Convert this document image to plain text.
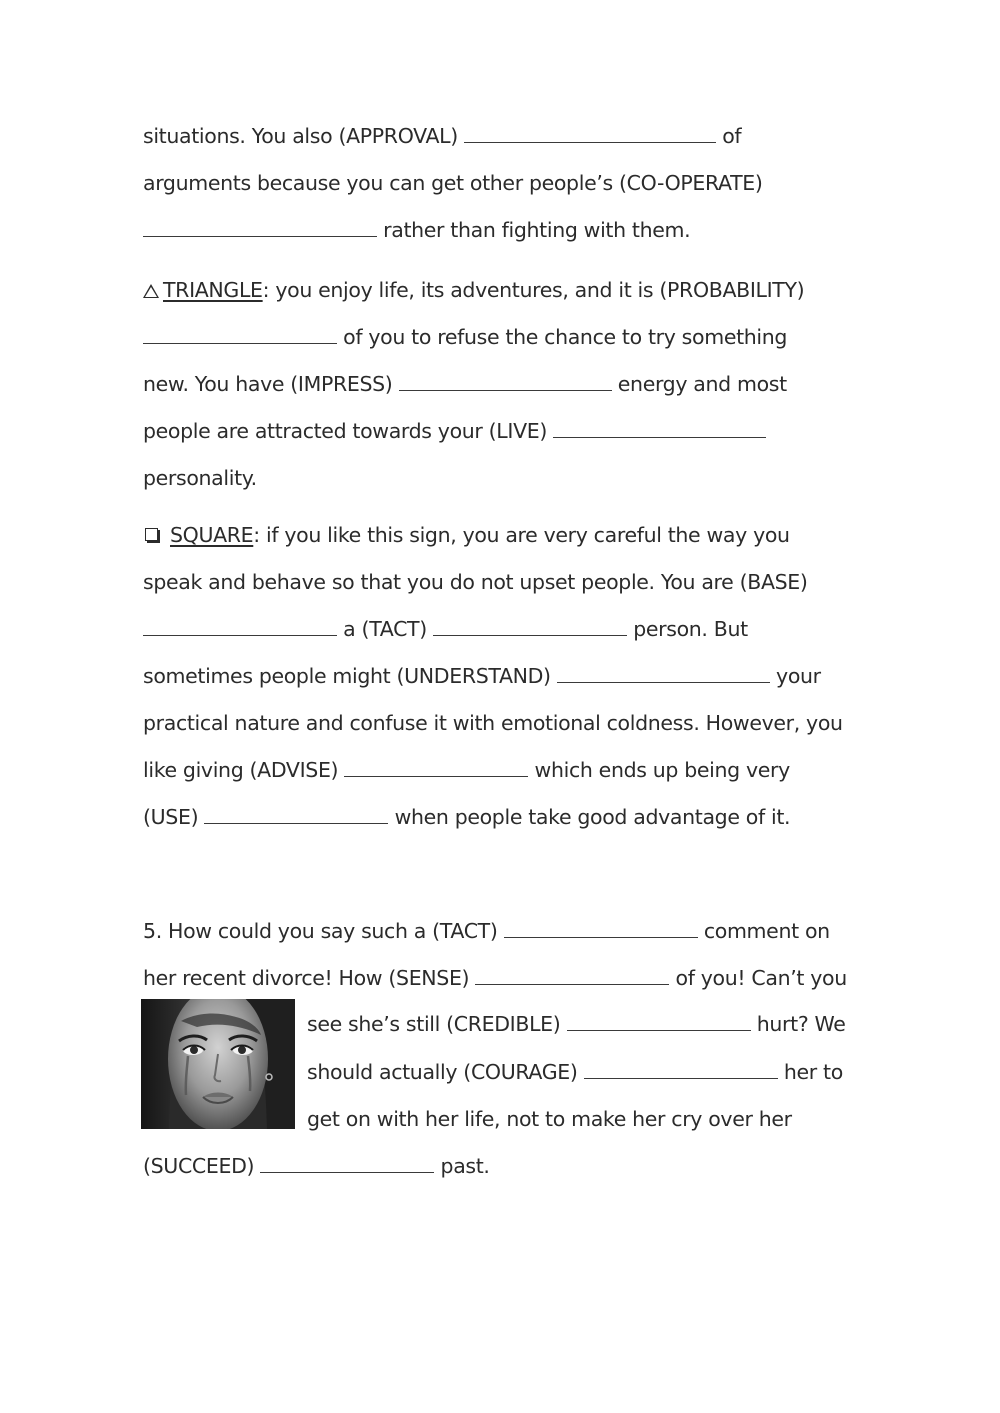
situations. You also (APPROVAL)	of
arguments because you can get other people’s (CO-OPERATE)
rather than fighting with them.
TRIANGLE: you enjoy life, its adventures, and it is (PROBABILITY)
of you to refuse the chance to try something
new. You have (IMPRESS)	energy and most
people are attracted towards your (LIVE)
personality.
SQUARE: if you like this sign, you are very careful the way you
speak and behave so that you do not upset people. You are (BASE)
a (TACT)	person. But
sometimes people might (UNDERSTAND)	your
practical nature and confuse it with emotional coldness. However, you
like giving (ADVISE)	which ends up being very
(USE)	when people take good advantage of it.
5. How could you say such a (TACT)	comment on
her recent divorce! How (SENSE)	of you! Can’t you
see she’s still (CREDIBLE)	hurt? We
should actually (COURAGE)	her to
get on with her life, not to make her cry over her
(SUCCEED)	past.
